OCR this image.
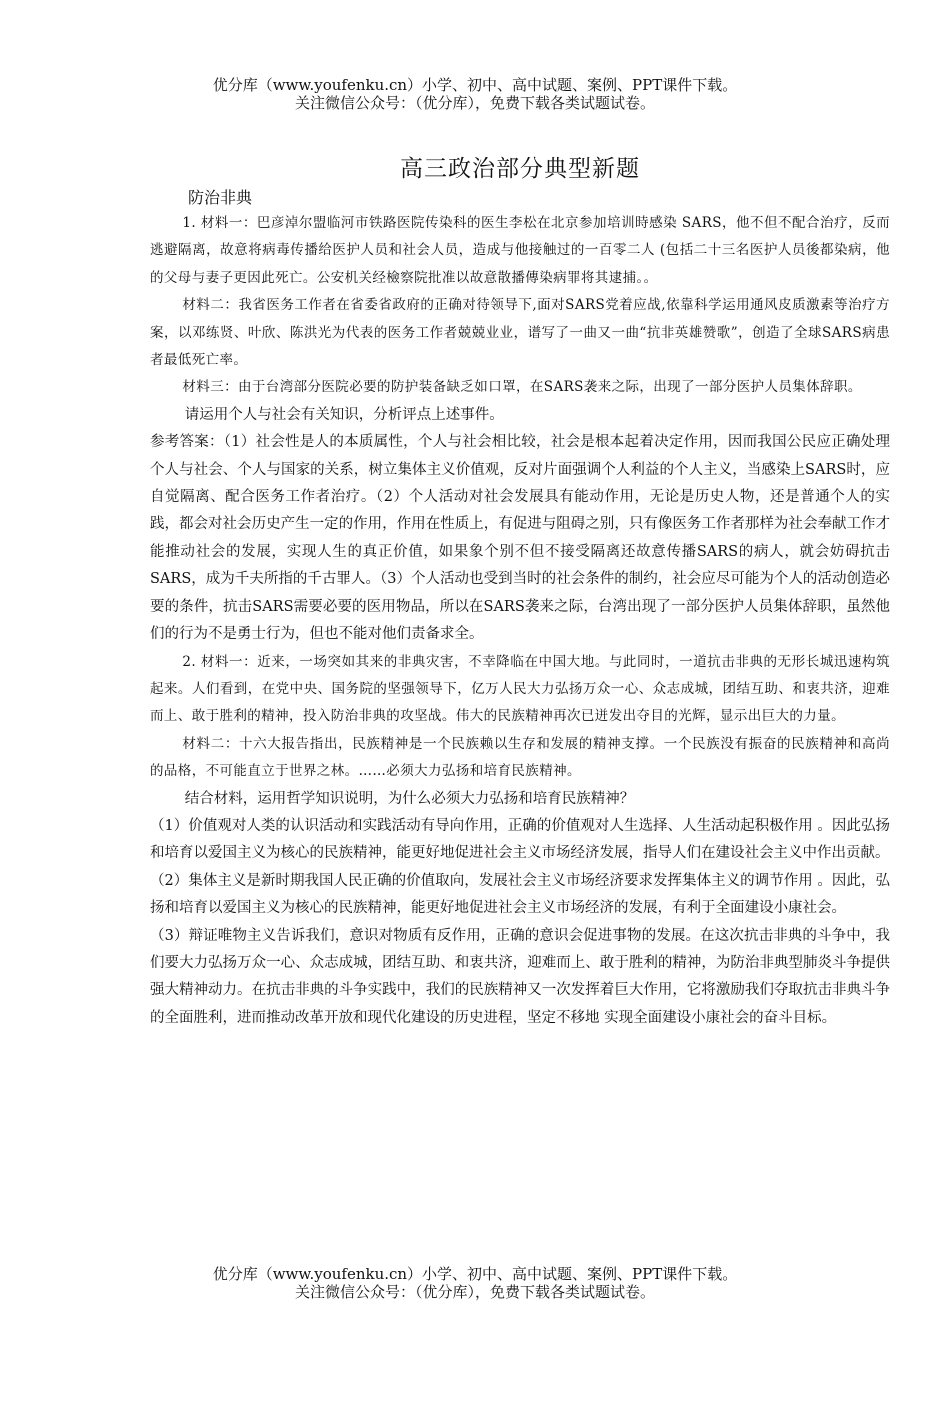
优分库（www.youfenku.cn）小学、初中、高中试题、案例、PPT课件下载。
关注微信公众号：（优分库），免费下载各类试题试卷。
高三政治部分典型新题
防治非典

1. 材料一：巴彦淖尔盟临河市铁路医院传染科的医生李松在北京参加培训時感染 SARS，他不但不配合治疗，反而逃避隔离，故意将病毒传播给医护人员和社会人员，造成与他接触过的一百零二人 (包括二十三名医护人员後都染病，他的父母与妻子更因此死亡。公安机关经檢察院批准以故意散播傳染病罪将其逮捕。。

材料二：我省医务工作者在省委省政府的正确对待领导下,面对SARS党着应战,依靠科学运用通风皮质激素等治疗方案，以邓练贤、叶欣、陈洪光为代表的医务工作者兢兢业业，谱写了一曲又一曲“抗非英雄赞歌”，创造了全球SARS病患者最低死亡率。

材料三：由于台湾部分医院必要的防护装备缺乏如口罩，在SARS袭来之际，出现了一部分医护人员集体辞职。

请运用个人与社会有关知识，分析评点上述事件。

参考答案：（1）社会性是人的本质属性，个人与社会相比较，社会是根本起着决定作用，因而我国公民应正确处理个人与社会、个人与国家的关系，树立集体主义价值观，反对片面强调个人利益的个人主义，当感染上SARS时，应自觉隔离、配合医务工作者治疗。（2）个人活动对社会发展具有能动作用，无论是历史人物，还是普通个人的实践，都会对社会历史产生一定的作用，作用在性质上，有促进与阻碍之别，只有像医务工作者那样为社会奉献工作才能推动社会的发展，实现人生的真正价值，如果象个别不但不接受隔离还故意传播SARS的病人，就会妨碍抗击SARS，成为千夫所指的千古罪人。（3）个人活动也受到当时的社会条件的制约，社会应尽可能为个人的活动创造必要的条件，抗击SARS需要必要的医用物品，所以在SARS袭来之际，台湾出现了一部分医护人员集体辞职，虽然他们的行为不是勇士行为，但也不能对他们责备求全。

2. 材料一：近来，一场突如其来的非典灾害，不幸降临在中国大地。与此同时，一道抗击非典的无形长城迅速构筑起来。人们看到，在党中央、国务院的坚强领导下，亿万人民大力弘扬万众一心、众志成城，团结互助、和衷共济，迎难而上、敢于胜利的精神，投入防治非典的攻坚战。伟大的民族精神再次已迸发出夺目的光辉，显示出巨大的力量。

材料二：十六大报告指出，民族精神是一个民族赖以生存和发展的精神支撑。一个民族没有振奋的民族精神和高尚的品格，不可能直立于世界之林。……必须大力弘扬和培育民族精神。

结合材料，运用哲学知识说明，为什么必须大力弘扬和培育民族精神？

（1）价值观对人类的认识活动和实践活动有导向作用，正确的价值观对人生选择、人生活动起积极作用 。因此弘扬和培育以爱国主义为核心的民族精神，能更好地促进社会主义市场经济发展，指导人们在建设社会主义中作出贡献。

（2）集体主义是新时期我国人民正确的价值取向，发展社会主义市场经济要求发挥集体主义的调节作用 。因此，弘扬和培育以爱国主义为核心的民族精神，能更好地促进社会主义市场经济的发展，有利于全面建设小康社会。

（3）辩证唯物主义告诉我们，意识对物质有反作用，正确的意识会促进事物的发展。在这次抗击非典的斗争中，我们要大力弘扬万众一心、众志成城，团结互助、和衷共济，迎难而上、敢于胜利的精神，为防治非典型肺炎斗争提供强大精神动力。在抗击非典的斗争实践中，我们的民族精神又一次发挥着巨大作用，它将激励我们夺取抗击非典斗争的全面胜利，进而推动改革开放和现代化建设的历史进程，坚定不移地 实现全面建设小康社会的奋斗目标。

优分库（www.youfenku.cn）小学、初中、高中试题、案例、PPT课件下载。
关注微信公众号：（优分库），免费下载各类试题试卷。
